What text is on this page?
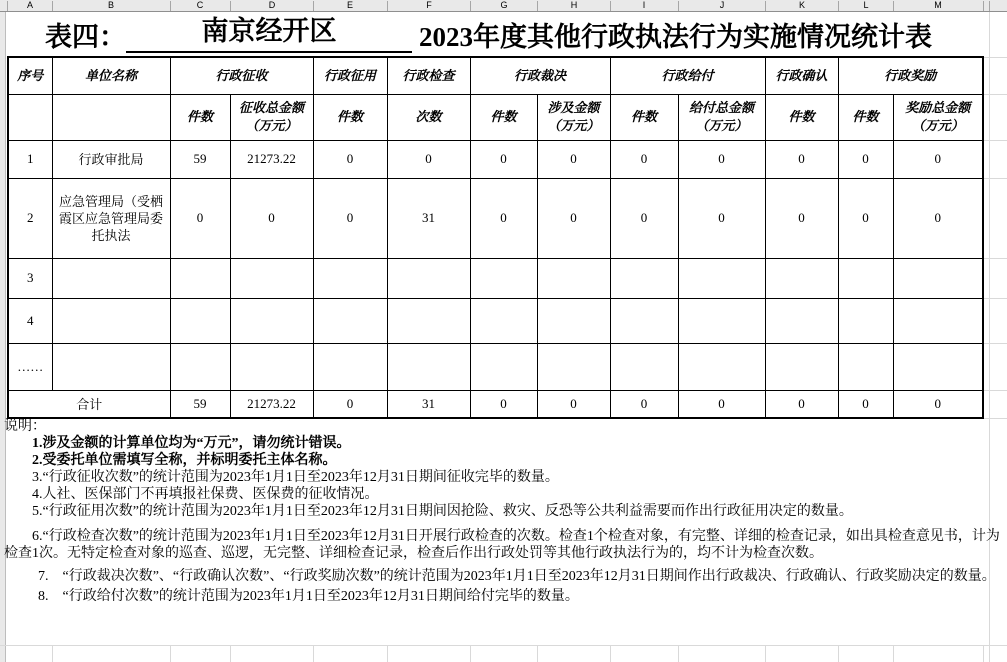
A	B	C	D	E	F	G	H	I	J	K	L	M
表四：	南京经开区	2023年度其他行政执法行为实施情况统计表
序号	单位名称	行政征收		行政征用	行政检查	行政裁决		行政给付		行政确认	行政奖励	
		件数	征收总金额（万元）	件数	次数	件数	涉及金额（万元）	件数	给付总金额（万元）	件数	件数	奖励总金额（万元）
1	行政审批局	59	21273.22	0	0	0	0	0	0	0	0	0
2	应急管理局（受栖霞区应急管理局委托执法	0	0	0	31	0	0	0	0	0	0	0
3												
4												
……												
合计		59	21273.22	0	31	0	0	0	0	0	0	0

说明：

1.涉及金额的计算单位均为“万元”，请勿统计错误。

2.受委托单位需填写全称，并标明委托主体名称。

3.“行政征收次数”的统计范围为2023年1月1日至2023年12月31日期间征收完毕的数量。

4.人社、医保部门不再填报社保费、医保费的征收情况。

5.“行政征用次数”的统计范围为2023年1月1日至2023年12月31日期间因抢险、救灾、反恐等公共利益需要而作出行政征用决定的数量。

6.“行政检查次数”的统计范围为2023年1月1日至2023年12月31日开展行政检查的次数。检查1个检查对象，有完整、详细的检查记录，如出具检查意见书，计为检查1次。无特定检查对象的巡查、巡逻，无完整、详细检查记录，检查后作出行政处罚等其他行政执法行为的，均不计为检查次数。

7.　“行政裁决次数”、“行政确认次数”、“行政奖励次数”的统计范围为2023年1月1日至2023年12月31日期间作出行政裁决、行政确认、行政奖励决定的数量。

8.　“行政给付次数”的统计范围为2023年1月1日至2023年12月31日期间给付完毕的数量。
